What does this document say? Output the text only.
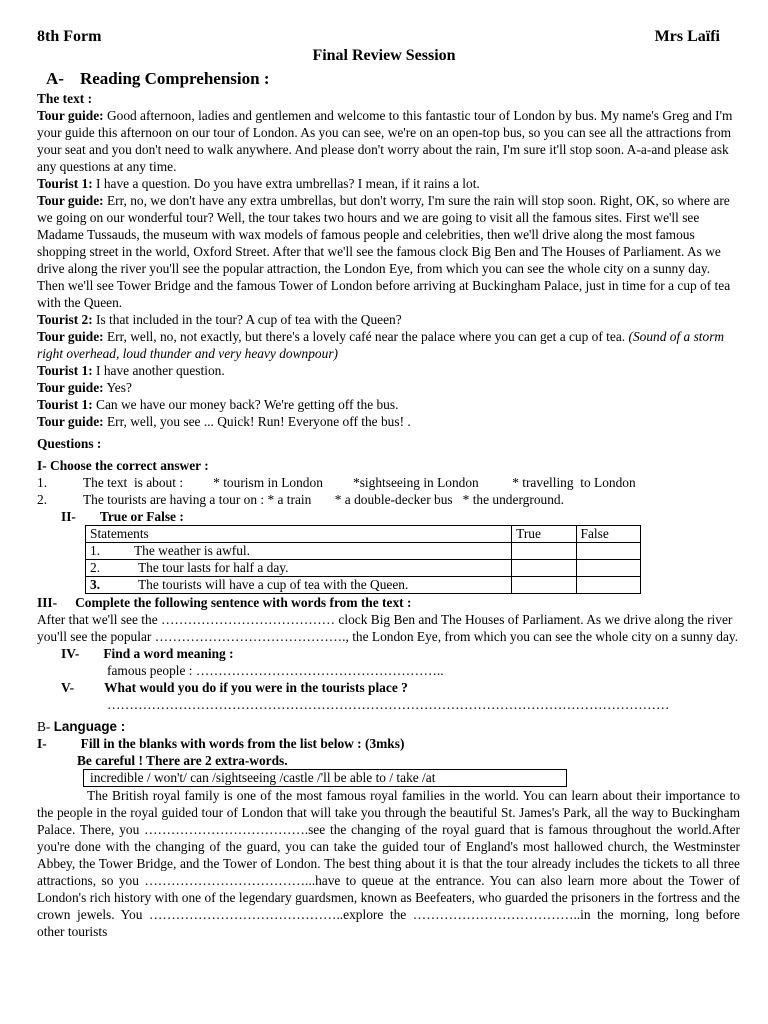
8th Form	Mrs Laïfi
Final Review Session
A- Reading Comprehension :

The text :

Tour guide: Good afternoon, ladies and gentlemen and welcome to this fantastic tour of London by bus. My name's Greg and I'm your guide this afternoon on our tour of London. As you can see, we're on an open-top bus, so you can see all the attractions from your seat and you don't need to walk anywhere. And please don't worry about the rain, I'm sure it'll stop soon. A-a-and please ask any questions at any time.

Tourist 1: I have a question. Do you have extra umbrellas? I mean, if it rains a lot.

Tour guide: Err, no, we don't have any extra umbrellas, but don't worry, I'm sure the rain will stop soon. Right, OK, so where are we going on our wonderful tour? Well, the tour takes two hours and we are going to visit all the famous sites. First we'll see Madame Tussauds, the museum with wax models of famous people and celebrities, then we'll drive along the most famous shopping street in the world, Oxford Street. After that we'll see the famous clock Big Ben and The Houses of Parliament. As we drive along the river you'll see the popular attraction, the London Eye, from which you can see the whole city on a sunny day. Then we'll see Tower Bridge and the famous Tower of London before arriving at Buckingham Palace, just in time for a cup of tea with the Queen.

Tourist 2: Is that included in the tour? A cup of tea with the Queen?

Tour guide: Err, well, no, not exactly, but there's a lovely café near the palace where you can get a cup of tea. (Sound of a storm right overhead, loud thunder and very heavy downpour)

Tourist 1: I have another question.

Tour guide: Yes?

Tourist 1: Can we have our money back? We're getting off the bus.

Tour guide: Err, well, you see ... Quick! Run! Everyone off the bus! .

Questions :

I- Choose the correct answer :

1.	The text  is about :         * tourism in London         *sightseeing in London          * travelling  to London
2.	The tourists are having a tour on : * a train       * a double-decker bus   * the underground.

II- True or False :

Statements	True	False
1. The weather is awful.		
2. The tour lasts for half a day.		
3. The tourists will have a cup of tea with the Queen.		

III- Complete the following sentence with words from the text :

After that we'll see the ………………………………… clock Big Ben and The Houses of Parliament. As we drive along the river you'll see the popular ……………………………………., the London Eye, from which you can see the whole city on a sunny day.

IV- Find a word meaning :

famous people : ………………………………………………..

V- What would you do if you were in the tourists place ?

………………………………………………………………………………………………………………

B- Language :

I-	Fill in the blanks with words from the list below : (3mks)

Be careful ! There are 2 extra-words.

incredible / won't/ can /sightseeing /castle /'ll be able to / take /at

The British royal family is one of the most famous royal families in the world. You can learn about their importance to the people in the royal guided tour of London that will take you through the beautiful St. James's Park, all the way to Buckingham Palace. There, you ……………………………….see the changing of the royal guard that is famous throughout the world.After you're done with the changing of the guard, you can take the guided tour of England's most hallowed church, the Westminster Abbey, the Tower Bridge, and the Tower of London. The best thing about it is that the tour already includes the tickets to all three attractions, so you ………………………………...have to queue at the entrance. You can also learn more about the Tower of London's rich history with one of the legendary guardsmen, known as Beefeaters, who guarded the prisoners in the fortress and the crown jewels. You ……………………………………..explore the ………………………………..in the morning, long before other tourists
